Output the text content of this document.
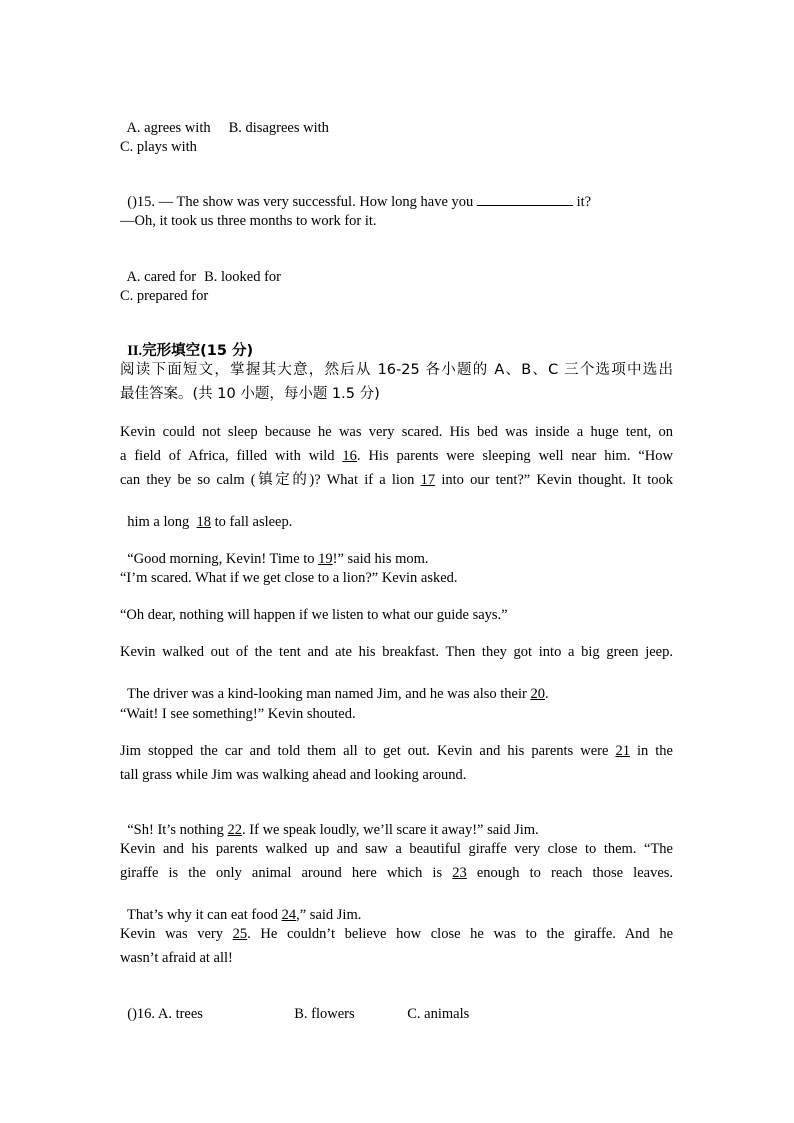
A. agrees with B. disagrees with

C. plays with

()15. — The show was very successful. How long have you	it?

—Oh, it took us three months to work for it.

A. cared for B. looked for

C. prepared for

II.完形填空(15 分)

阅读下面短文，掌握其大意，然后从 16-25 各小题的 A、B、C 三个选项中选出
最佳答案。(共 10 小题，每小题 1.5 分)
Kevin could not sleep because he was very scared. His bed was inside a huge tent, on
a field of Africa, filled with wild 16. His parents were sleeping well near him. “How
can they be so calm (镇定的)? What if a lion 17 into our tent?” Kevin thought. It took

him a long 18 to fall asleep.

“Good morning, Kevin! Time to 19!” said his mom.

“I’m scared. What if we get close to a lion?” Kevin asked.
“Oh dear, nothing will happen if we listen to what our guide says.”
Kevin walked out of the tent and ate his breakfast. Then they got into a big green jeep.

The driver was a kind-looking man named Jim, and he was also their 20.

“Wait! I see something!” Kevin shouted.
Jim stopped the car and told them all to get out. Kevin and his parents were 21 in the
tall grass while Jim was walking ahead and looking around.

“Sh! It’s nothing 22. If we speak loudly, we’ll scare it away!” said Jim.

Kevin and his parents walked up and saw a beautiful giraffe very close to them. “The
giraffe is the only animal around here which is 23 enough to reach those leaves.

That’s why it can eat food 24,” said Jim.

Kevin was very 25. He couldn’t believe how close he was to the giraffe. And he
wasn’t afraid at all!

()16. A. trees	B. flowers	C. animals
